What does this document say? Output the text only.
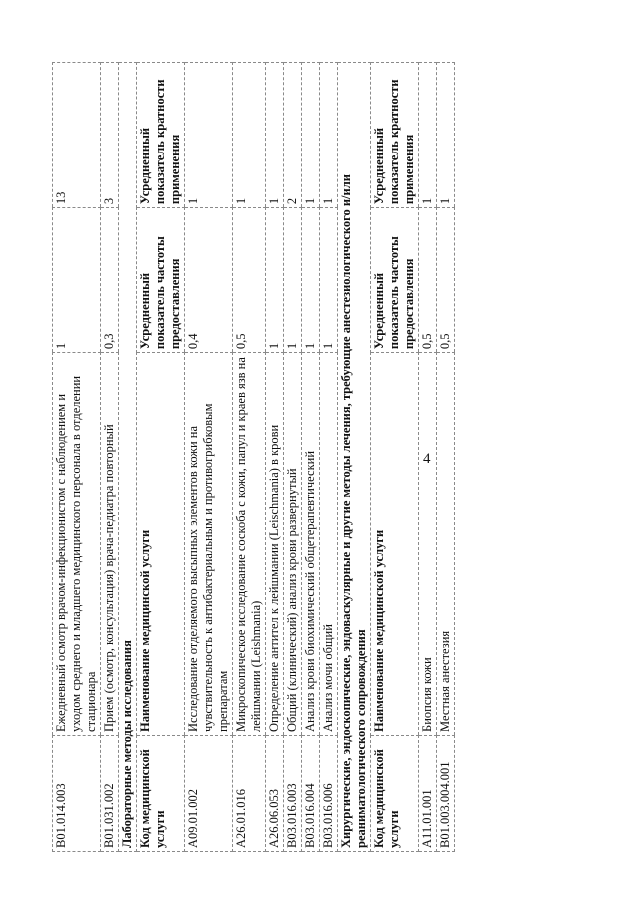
4
B01.014.003	Ежедневный осмотр врачом-инфекционистом с наблюдением и уходом среднего и младшего медицинского персонала в отделении стационара	1	13
B01.031.002	Прием (осмотр, консультация) врача-педиатра повторный	0,3	3
Лабораторные методы исследования			
Код медицинской услуги	Наименование медицинской услуги	Усредненный показатель частоты предоставления	Усредненный показатель кратности применения
A09.01.002	Исследование отделяемого высыпных элементов кожи на чувствительность к антибактериальным и противогрибковым препаратам	0,4	1
A26.01.016	Микроскопическое исследование соскоба с кожи, папул и краев язв на лейшмании (Leishmania)	0,5	1
A26.06.053	Определение антител к лейшмании (Leischmania) в крови	1	1
B03.016.003	Общий (клинический) анализ крови развернутый	1	2
B03.016.004	Анализ крови биохимический общетерапевтический	1	1
B03.016.006	Анализ мочи общий	1	1
Хирургические, эндоскопические, эндоваскулярные и другие методы лечения, требующие анестезиологического и/или реаниматологического сопровождения			
Код медицинской услуги	Наименование медицинской услуги	Усредненный показатель частоты предоставления	Усредненный показатель кратности применения
A11.01.001	Биопсия кожи	0,5	1
B01.003.004.001	Местная анестезия	0,5	1
